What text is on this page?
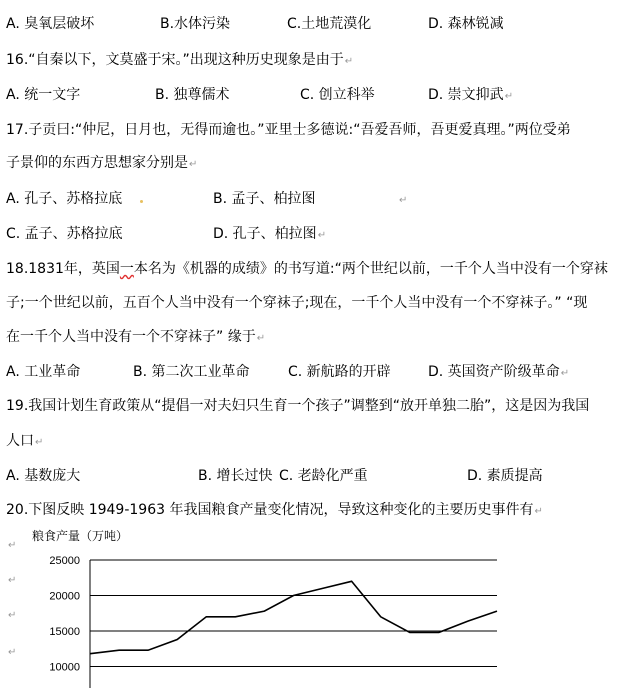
A. 臭氧层破坏	B.水体污染	C.土地荒漠化	D. 森林锐减
16.“自秦以下，文莫盛于宋。”出现这种历史现象是由于↵
A. 统一文字	B. 独尊儒术	C. 创立科举	D. 崇文抑武↵
17.子贡曰:“仲尼，日月也，无得而逾也。”亚里士多德说:“吾爱吾师，吾更爱真理。”两位受弟
子景仰的东西方思想家分别是↵
A. 孔子、苏格拉底	B. 孟子、柏拉图	↵
C. 孟子、苏格拉底	D. 孔子、柏拉图↵
18.1831年，英国一本名为《机器的成绩》的书写道:“两个世纪以前，一千个人当中没有一个穿袜
子;一个世纪以前，五百个人当中没有一个穿袜子;现在，一千个人当中没有一个不穿袜子。” “现
在一千个人当中没有一个不穿袜子” 缘于↵
A. 工业革命	B. 第二次工业革命	C. 新航路的开辟	D. 英国资产阶级革命↵
19.我国计划生育政策从“提倡一对夫妇只生育一个孩子”调整到“放开单独二胎”，这是因为我国
人口↵
A. 基数庞大	B. 增长过快 C. 老龄化严重	D. 素质提高
20.下图反映 1949-1963 年我国粮食产量变化情况，导致这种变化的主要历史事件有↵
粮食产量（万吨）
25000
20000
15000
10000
↵
↵
↵
↵
